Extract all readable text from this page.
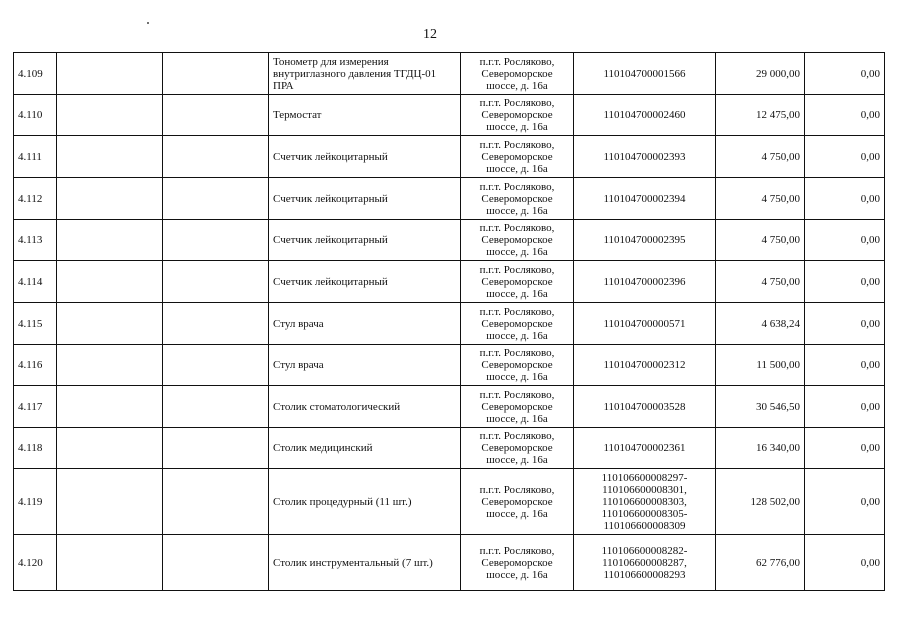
12
4.109			Тонометр для измерения внутриглазного давления ТГДЦ-01 ПРА	п.г.т. Росляково,
Североморское
шоссе, д. 16а	110104700001566	29 000,00	0,00
4.110			Термостат	п.г.т. Росляково,
Североморское
шоссе, д. 16а	110104700002460	12 475,00	0,00
4.111			Счетчик лейкоцитарный	п.г.т. Росляково,
Североморское
шоссе, д. 16а	110104700002393	4 750,00	0,00
4.112			Счетчик лейкоцитарный	п.г.т. Росляково,
Североморское
шоссе, д. 16а	110104700002394	4 750,00	0,00
4.113			Счетчик лейкоцитарный	п.г.т. Росляково,
Североморское
шоссе, д. 16а	110104700002395	4 750,00	0,00
4.114			Счетчик лейкоцитарный	п.г.т. Росляково,
Североморское
шоссе, д. 16а	110104700002396	4 750,00	0,00
4.115			Стул врача	п.г.т. Росляково,
Североморское
шоссе, д. 16а	110104700000571	4 638,24	0,00
4.116			Стул врача	п.г.т. Росляково,
Североморское
шоссе, д. 16а	110104700002312	11 500,00	0,00
4.117			Столик стоматологический	п.г.т. Росляково,
Североморское
шоссе, д. 16а	110104700003528	30 546,50	0,00
4.118			Столик медицинский	п.г.т. Росляково,
Североморское
шоссе, д. 16а	110104700002361	16 340,00	0,00
4.119			Столик процедурный (11 шт.)	п.г.т. Росляково,
Североморское
шоссе, д. 16а	110106600008297-
110106600008301,
110106600008303,
110106600008305-
110106600008309	128 502,00	0,00
4.120			Столик инструментальный (7 шт.)	п.г.т. Росляково,
Североморское
шоссе, д. 16а	110106600008282-
110106600008287,
110106600008293	62 776,00	0,00
